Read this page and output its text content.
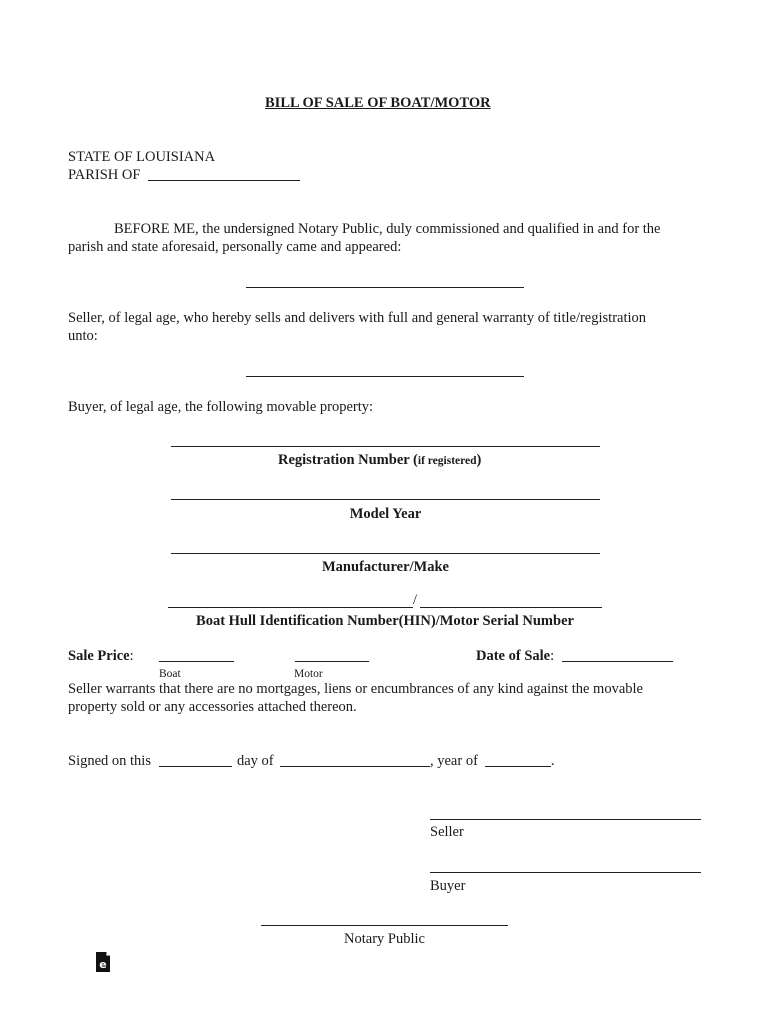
BILL OF SALE OF BOAT/MOTOR
STATE OF LOUISIANA
PARISH OF
BEFORE ME, the undersigned Notary Public, duly commissioned and qualified in and for the
parish and state aforesaid, personally came and appeared:
Seller, of legal age, who hereby sells and delivers with full and general warranty of title/registration
unto:
Buyer, of legal age, the following movable property:
Registration Number (if registered)
Model Year
Manufacturer/Make
/
Boat Hull Identification Number(HIN)/Motor Serial Number
Sale Price:
Boat	Motor
Date of Sale:
Seller warrants that there are no mortgages, liens or encumbrances of any kind against the movable
property sold or any accessories attached thereon.
Signed on this	day of	, year of	.
Seller
Buyer
Notary Public
e
